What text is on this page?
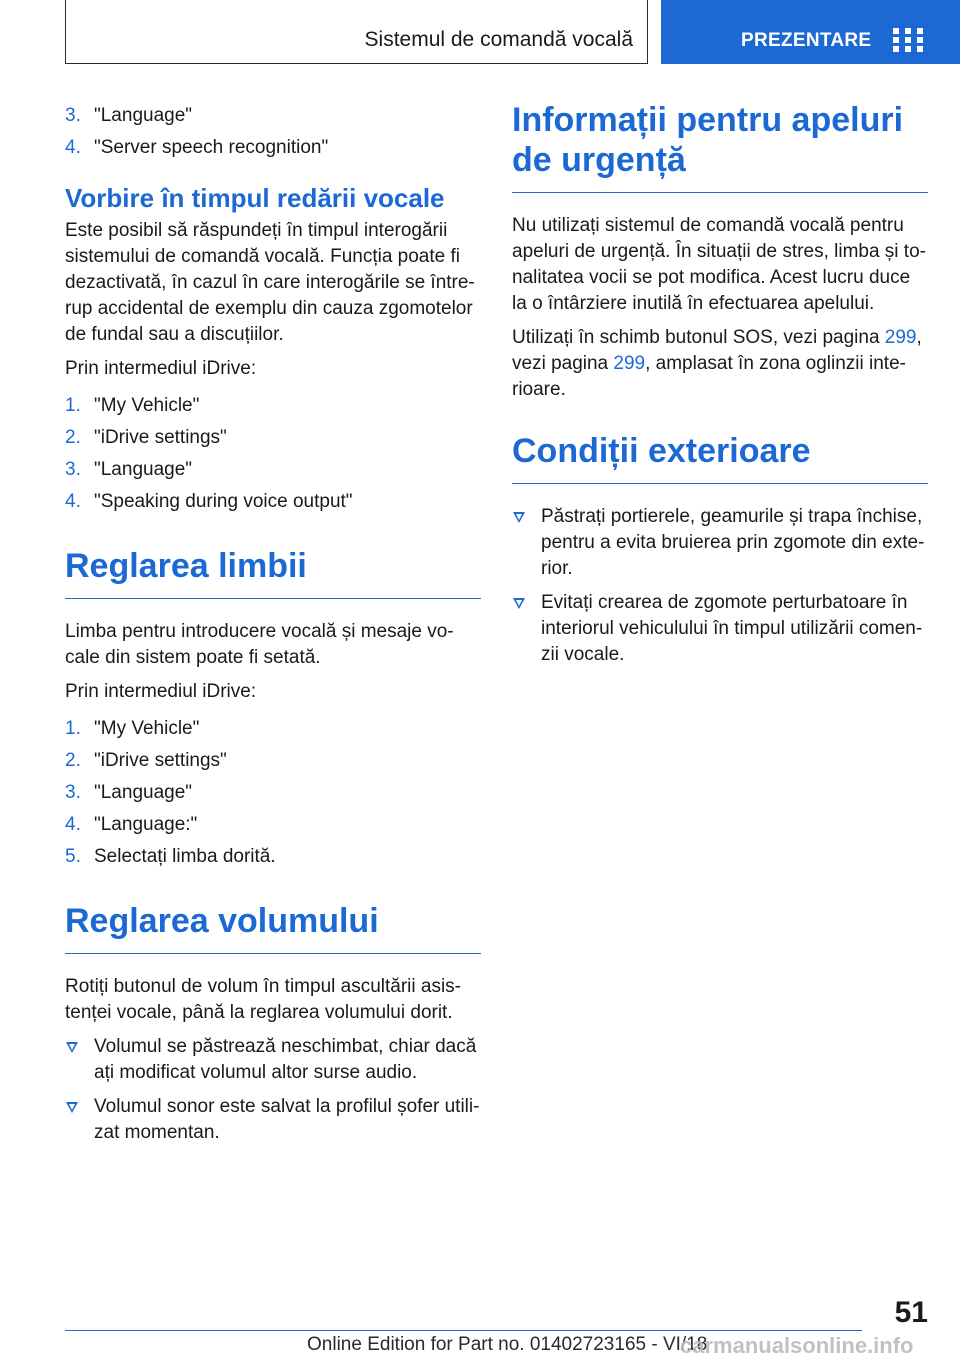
Sistemul de comandă vocală	PREZENTARE
3. "Language"
4. "Server speech recognition"
Vorbire în timpul redării vocale

Este posibil să răspundeți în timpul interogării sistemului de comandă vocală. Funcția poate fi dezactivată, în cazul în care interogările se între-rup accidental de exemplu din cauza zgomotelor de fundal sau a discuțiilor.

Prin intermediul iDrive:

1. "My Vehicle"
2. "iDrive settings"
3. "Language"
4. "Speaking during voice output"
Reglarea limbii

Limba pentru introducere vocală și mesaje vo-cale din sistem poate fi setată.

Prin intermediul iDrive:

1. "My Vehicle"
2. "iDrive settings"
3. "Language"
4. "Language:"
5. Selectați limba dorită.
Reglarea volumului

Rotiți butonul de volum în timpul ascultării asis-tenței vocale, până la reglarea volumului dorit.

Volumul se păstrează neschimbat, chiar dacă ați modificat volumul altor surse audio.
Volumul sonor este salvat la profilul șofer utili-zat momentan.
Informații pentru apeluri de urgență

Nu utilizați sistemul de comandă vocală pentru apeluri de urgență. În situații de stres, limba și to-nalitatea vocii se pot modifica. Acest lucru duce la o întârziere inutilă în efectuarea apelului.

Utilizați în schimb butonul SOS, vezi pagina 299, vezi pagina 299, amplasat în zona oglinzii inte-rioare.

Condiții exterioare
Păstrați portierele, geamurile și trapa închise, pentru a evita bruierea prin zgomote din exte-rior.
Evitați crearea de zgomote perturbatoare în interiorul vehiculului în timpul utilizării comen-zii vocale.
51
Online Edition for Part no. 01402723165 - VI/18
carmanualsonline.info
